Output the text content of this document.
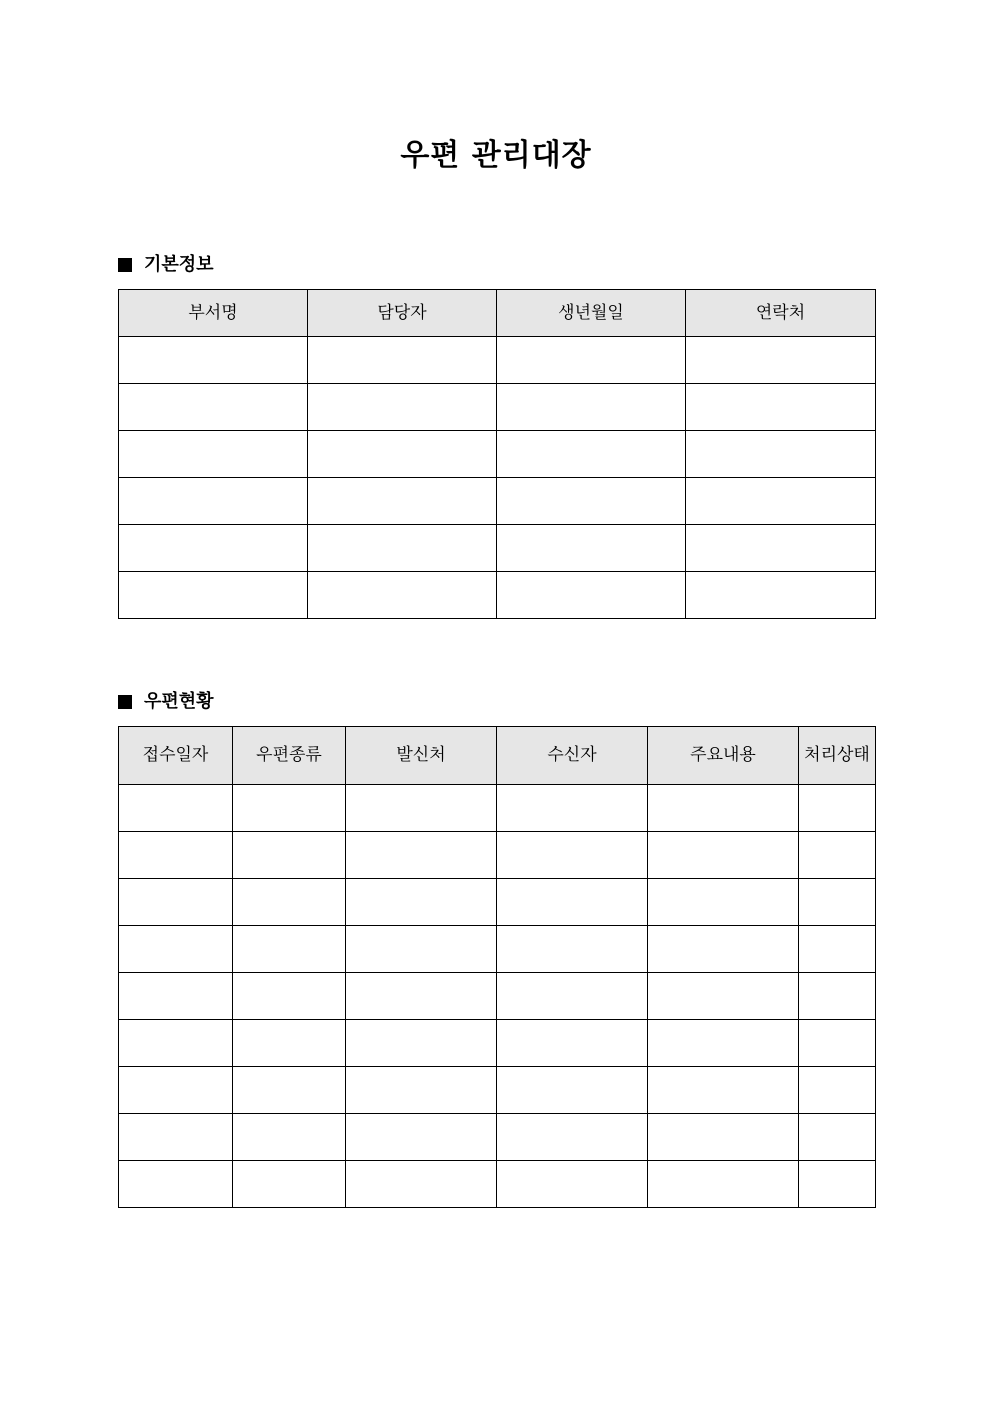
우편 관리대장
기본정보
부서명	담당자	생년월일	연락처

우편현황
접수일자	우편종류	발신처	수신자	주요내용	처리상태
